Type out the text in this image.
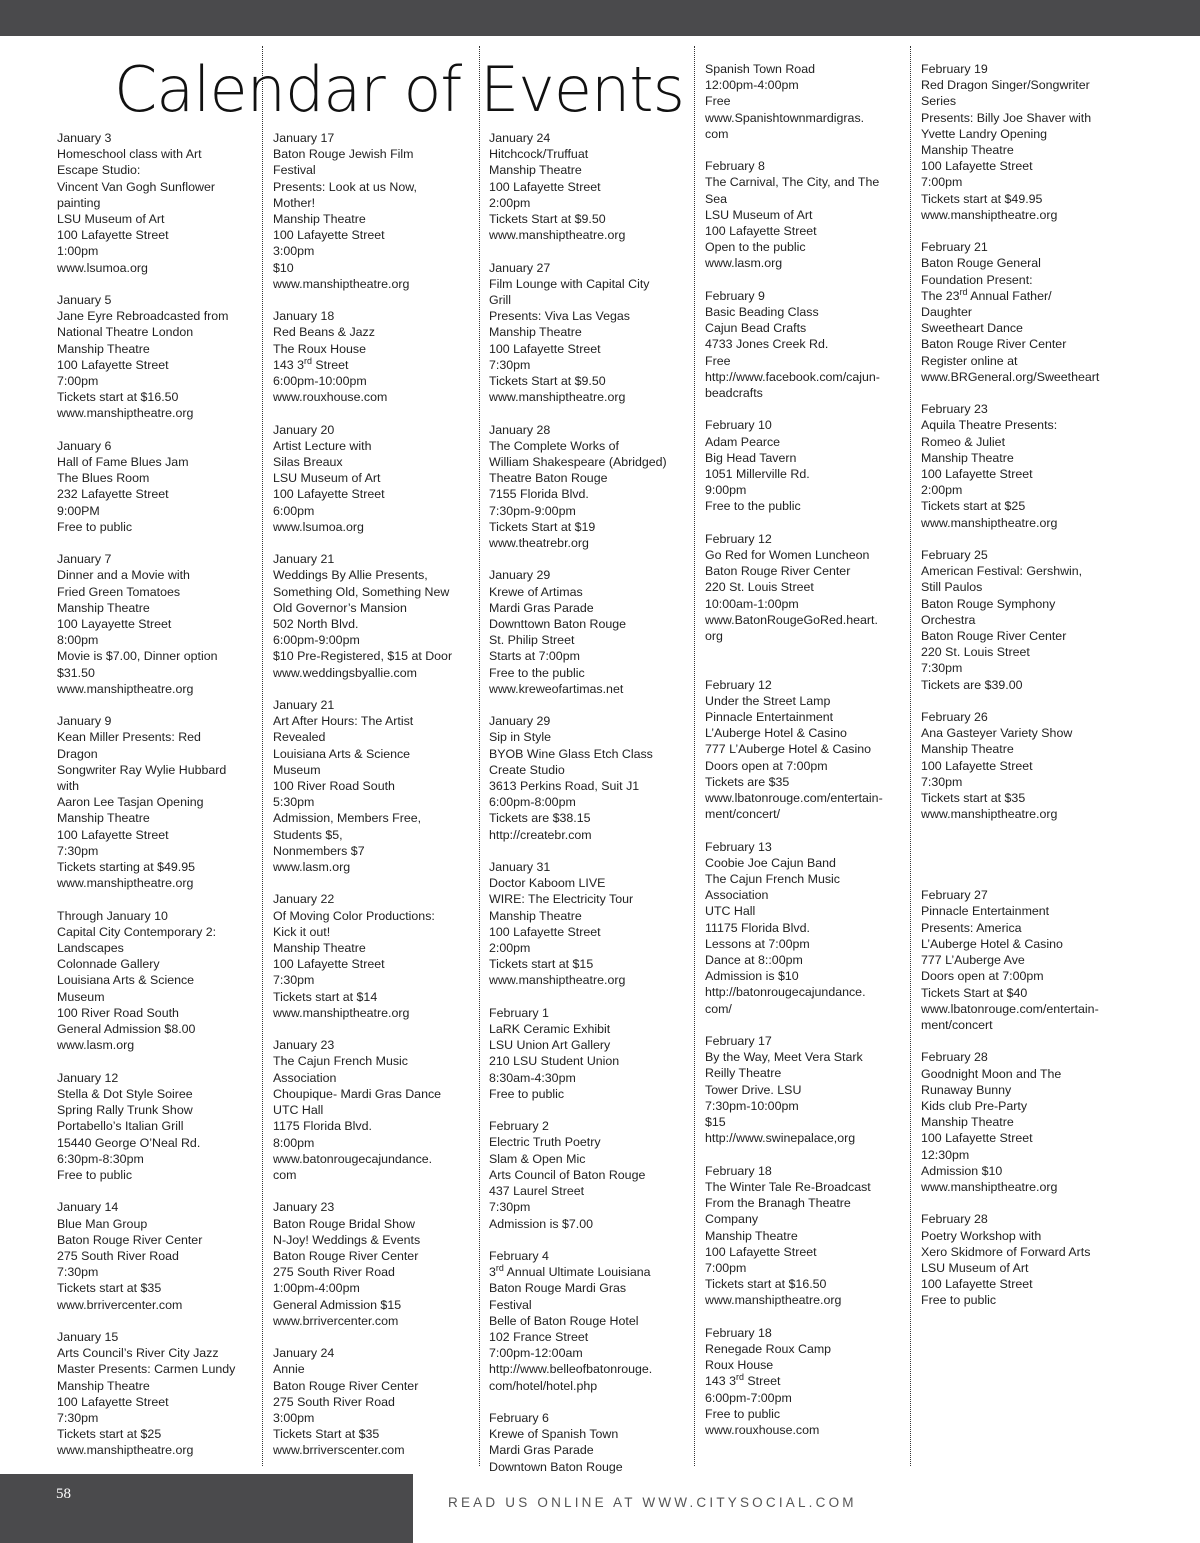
Calendar of Events
January 3
Homeschool class with Art
Escape Studio:
Vincent Van Gogh Sunflower
painting
LSU Museum of Art
100 Lafayette Street
1:00pm
www.lsumoa.org
January 5
Jane Eyre Rebroadcasted from
National Theatre London
Manship Theatre
100 Lafayette Street
7:00pm
Tickets start at $16.50
www.manshiptheatre.org
January 6
Hall of Fame Blues Jam
The Blues Room
232 Lafayette Street
9:00PM
Free to public
January 7
Dinner and a Movie with
Fried Green Tomatoes
Manship Theatre
100 Layayette Street
8:00pm
Movie is $7.00, Dinner option
$31.50
www.manshiptheatre.org
January 9
Kean Miller Presents: Red
Dragon
Songwriter Ray Wylie Hubbard
with
Aaron Lee Tasjan Opening
Manship Theatre
100 Lafayette Street
7:30pm
Tickets starting at $49.95
www.manshiptheatre.org
Through January 10
Capital City Contemporary 2:
Landscapes
Colonnade Gallery
Louisiana Arts & Science
Museum
100 River Road South
General Admission $8.00
www.lasm.org
January 12
Stella & Dot Style Soiree
Spring Rally Trunk Show
Portabello’s Italian Grill
15440 George O’Neal Rd.
6:30pm-8:30pm
Free to public
January 14
Blue Man Group
Baton Rouge River Center
275 South River Road
7:30pm
Tickets start at $35
www.brrivercenter.com
January 15
Arts Council’s River City Jazz
Master Presents: Carmen Lundy
Manship Theatre
100 Lafayette Street
7:30pm
Tickets start at $25
www.manshiptheatre.org
January 17
Baton Rouge Jewish Film
Festival
Presents: Look at us Now,
Mother!
Manship Theatre
100 Lafayette Street
3:00pm
$10
www.manshiptheatre.org
January 18
Red Beans & Jazz
The Roux House
143 3rd Street
6:00pm-10:00pm
www.rouxhouse.com
January 20
Artist Lecture with
Silas Breaux
LSU Museum of Art
100 Lafayette Street
6:00pm
www.lsumoa.org
January 21
Weddings By Allie Presents,
Something Old, Something New
Old Governor’s Mansion
502 North Blvd.
6:00pm-9:00pm
$10 Pre-Registered, $15 at Door
www.weddingsbyallie.com
January 21
Art After Hours: The Artist
Revealed
Louisiana Arts & Science
Museum
100 River Road South
5:30pm
Admission, Members Free,
Students $5,
Nonmembers $7
www.lasm.org
January 22
Of Moving Color Productions:
Kick it out!
Manship Theatre
100 Lafayette Street
7:30pm
Tickets start at $14
www.manshiptheatre.org
January 23
The Cajun French Music
Association
Choupique- Mardi Gras Dance
UTC Hall
1175 Florida Blvd.
8:00pm
www.batonrougecajundance.
com
January 23
Baton Rouge Bridal Show
N-Joy! Weddings & Events
Baton Rouge River Center
275 South River Road
1:00pm-4:00pm
General Admission $15
www.brrivercenter.com
January 24
Annie
Baton Rouge River Center
275 South River Road
3:00pm
Tickets Start at $35
www.brriverscenter.com
January 24
Hitchcock/Truffuat
Manship Theatre
100 Lafayette Street
2:00pm
Tickets Start at $9.50
www.manshiptheatre.org
January 27
Film Lounge with Capital City
Grill
Presents: Viva Las Vegas
Manship Theatre
100 Lafayette Street
7:30pm
Tickets Start at $9.50
www.manshiptheatre.org
January 28
The Complete Works of
William Shakespeare (Abridged)
Theatre Baton Rouge
7155 Florida Blvd.
7:30pm-9:00pm
Tickets Start at $19
www.theatrebr.org
January 29
Krewe of Artimas
Mardi Gras Parade
Downttown Baton Rouge
St. Philip Street
Starts at 7:00pm
Free to the public
www.kreweofartimas.net
January 29
Sip in Style
BYOB Wine Glass Etch Class
Create Studio
3613 Perkins Road, Suit J1
6:00pm-8:00pm
Tickets are $38.15
http://createbr.com
January 31
Doctor Kaboom LIVE
WIRE: The Electricity Tour
Manship Theatre
100 Lafayette Street
2:00pm
Tickets start at $15
www.manshiptheatre.org
February 1
LaRK Ceramic Exhibit
LSU Union Art Gallery
210 LSU Student Union
8:30am-4:30pm
Free to public
February 2
Electric Truth Poetry
Slam & Open Mic
Arts Council of Baton Rouge
437 Laurel Street
7:30pm
Admission is $7.00
February 4
3rd Annual Ultimate Louisiana
Baton Rouge Mardi Gras
Festival
Belle of Baton Rouge Hotel
102 France Street
7:00pm-12:00am
http://www.belleofbatonrouge.
com/hotel/hotel.php
February 6
Krewe of Spanish Town
Mardi Gras Parade
Downtown Baton Rouge
Spanish Town Road
12:00pm-4:00pm
Free
www.Spanishtownmardigras.
com
February 8
The Carnival, The City, and The
Sea
LSU Museum of Art
100 Lafayette Street
Open to the public
www.lasm.org
February 9
Basic Beading Class
Cajun Bead Crafts
4733 Jones Creek Rd.
Free
http://www.facebook.com/cajun-
beadcrafts
February 10
Adam Pearce
Big Head Tavern
1051 Millerville Rd.
9:00pm
Free to the public
February 12
Go Red for Women Luncheon
Baton Rouge River Center
220 St. Louis Street
10:00am-1:00pm
www.BatonRougeGoRed.heart.
org

February 12
Under the Street Lamp
Pinnacle Entertainment
L’Auberge Hotel & Casino
777 L’Auberge Hotel & Casino
Doors open at 7:00pm
Tickets are $35
www.lbatonrouge.com/entertain-
ment/concert/
February 13
Coobie Joe Cajun Band
The Cajun French Music
Association
UTC Hall
11175 Florida Blvd.
Lessons at 7:00pm
Dance at 8::00pm
Admission is $10
http://batonrougecajundance.
com/
February 17
By the Way, Meet Vera Stark
Reilly Theatre
Tower Drive. LSU
7:30pm-10:00pm
$15
http://www.swinepalace,org
February 18
The Winter Tale Re-Broadcast
From the Branagh Theatre
Company
Manship Theatre
100 Lafayette Street
7:00pm
Tickets start at $16.50
www.manshiptheatre.org
February 18
Renegade Roux Camp
Roux House
143 3rd Street
6:00pm-7:00pm
Free to public
www.rouxhouse.com
February 19
Red Dragon Singer/Songwriter
Series
Presents: Billy Joe Shaver with
Yvette Landry Opening
Manship Theatre
100 Lafayette Street
7:00pm
Tickets start at $49.95
www.manshiptheatre.org
February 21
Baton Rouge General
Foundation Present:
The 23rd Annual Father/
Daughter
Sweetheart Dance
Baton Rouge River Center
Register online at
www.BRGeneral.org/Sweetheart
February 23
Aquila Theatre Presents:
Romeo & Juliet
Manship Theatre
100 Lafayette Street
2:00pm
Tickets start at $25
www.manshiptheatre.org
February 25
American Festival: Gershwin,
Still Paulos
Baton Rouge Symphony
Orchestra
Baton Rouge River Center
220 St. Louis Street
7:30pm
Tickets are $39.00
February 26
Ana Gasteyer Variety Show
Manship Theatre
100 Lafayette Street
7:30pm
Tickets start at $35
www.manshiptheatre.org

February 27
Pinnacle Entertainment
Presents: America
L’Auberge Hotel & Casino
777 L’Auberge Ave
Doors open at 7:00pm
Tickets Start at $40
www.lbatonrouge.com/entertain-
ment/concert
February 28
Goodnight Moon and The
Runaway Bunny
Kids club Pre-Party
Manship Theatre
100 Lafayette Street
12:30pm
Admission $10
www.manshiptheatre.org
February 28
Poetry Workshop with
Xero Skidmore of Forward Arts
LSU Museum of Art
100 Lafayette Street
Free to public
58
READ US ONLINE AT WWW.CITYSOCIAL.COM
